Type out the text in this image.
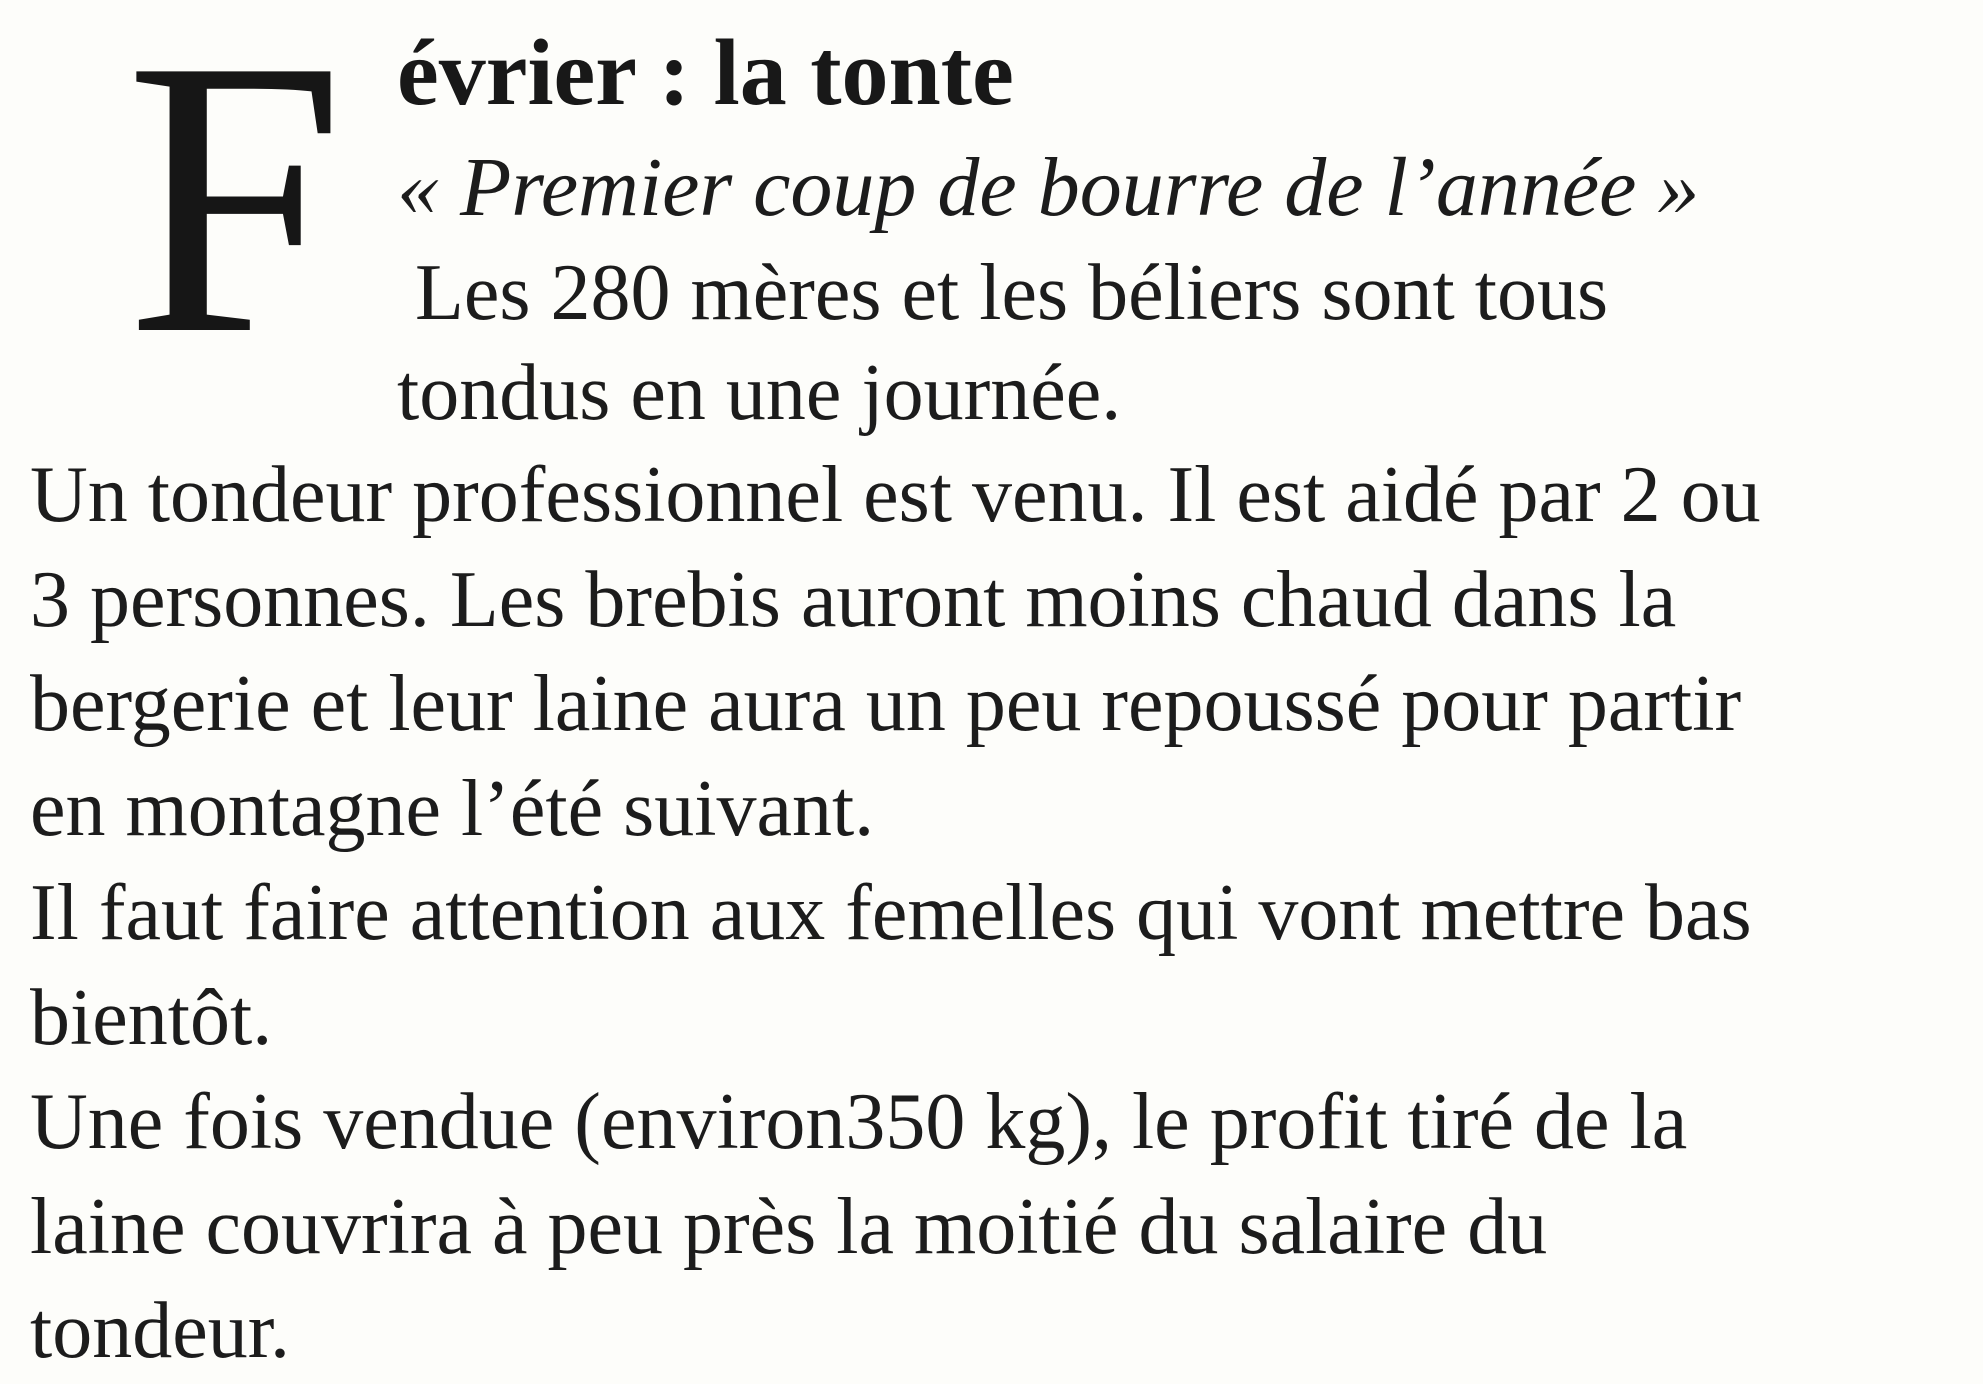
F évrier : la tonte

« Premier coup de bourre de l’année »

Les 280 mères et les béliers sont tous
tondus en une journée.

Un tondeur professionnel est venu. Il est aidé par 2 ou
3 personnes. Les brebis auront moins chaud dans la
bergerie et leur laine aura un peu repoussé pour partir
en montagne l’été suivant.
Il faut faire attention aux femelles qui vont mettre bas
bientôt.
Une fois vendue (environ350 kg), le profit tiré de la
laine couvrira à peu près la moitié du salaire du
tondeur.
